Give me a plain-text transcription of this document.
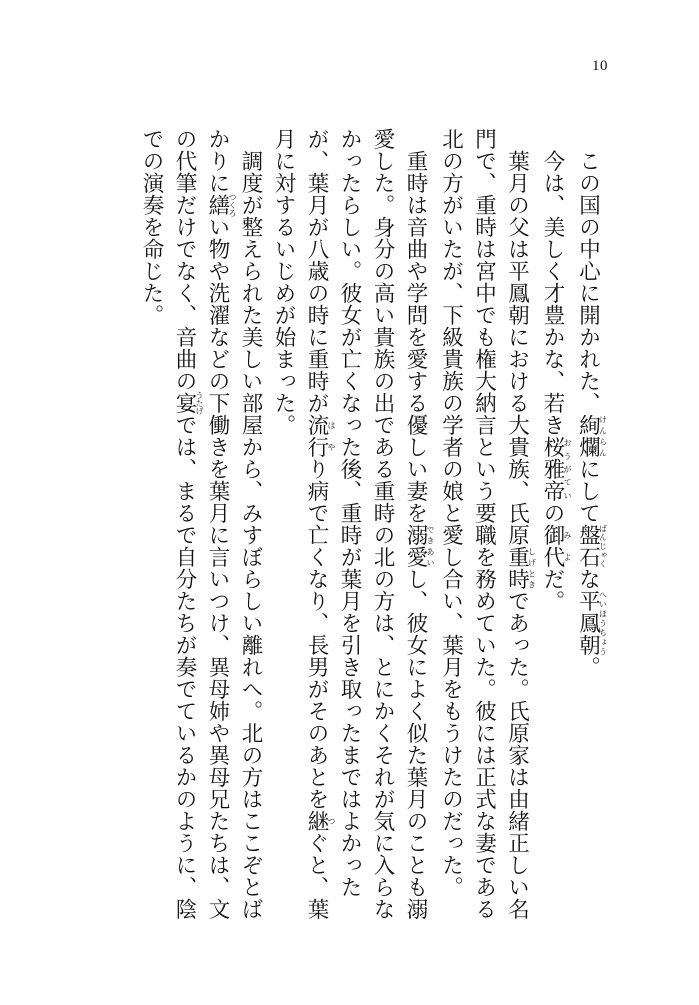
10

この国の中心に開かれた、絢爛けんらんにして盤石ばんじゃくな平鳳朝へいほうちょう。

今は、美しく才豊かな、若き桜雅帝おうがていの御代みよだ。

葉月の父は平鳳朝における大貴族、氏原重時しげときであった。氏原家は由緒正しい名門で、重時は宮中でも権大納言という要職を務めていた。彼には正式な妻である北の方がいたが、下級貴族の学者の娘と愛し合い、葉月をもうけたのだった。

重時は音曲や学問を愛する優しい妻を溺愛できあいし、彼女によく似た葉月のことも溺愛した。身分の高い貴族の出である重時の北の方は、とにかくそれが気に入らなかったらしい。彼女が亡くなった後、重時が葉月を引き取ったまではよかったが、葉月が八歳の時に重時が流行はやり病で亡くなり、長男がそのあとを継つぐと、葉月に対するいじめが始まった。

調度が整えられた美しい部屋から、みすぼらしい離れへ。北の方はここぞとばかりに繕つくろい物や洗濯などの下働きを葉月に言いつけ、異母姉や異母兄たちは、文の代筆だけでなく、音曲の宴うたげでは、まるで自分たちが奏でているかのように、陰での演奏を命じた。
